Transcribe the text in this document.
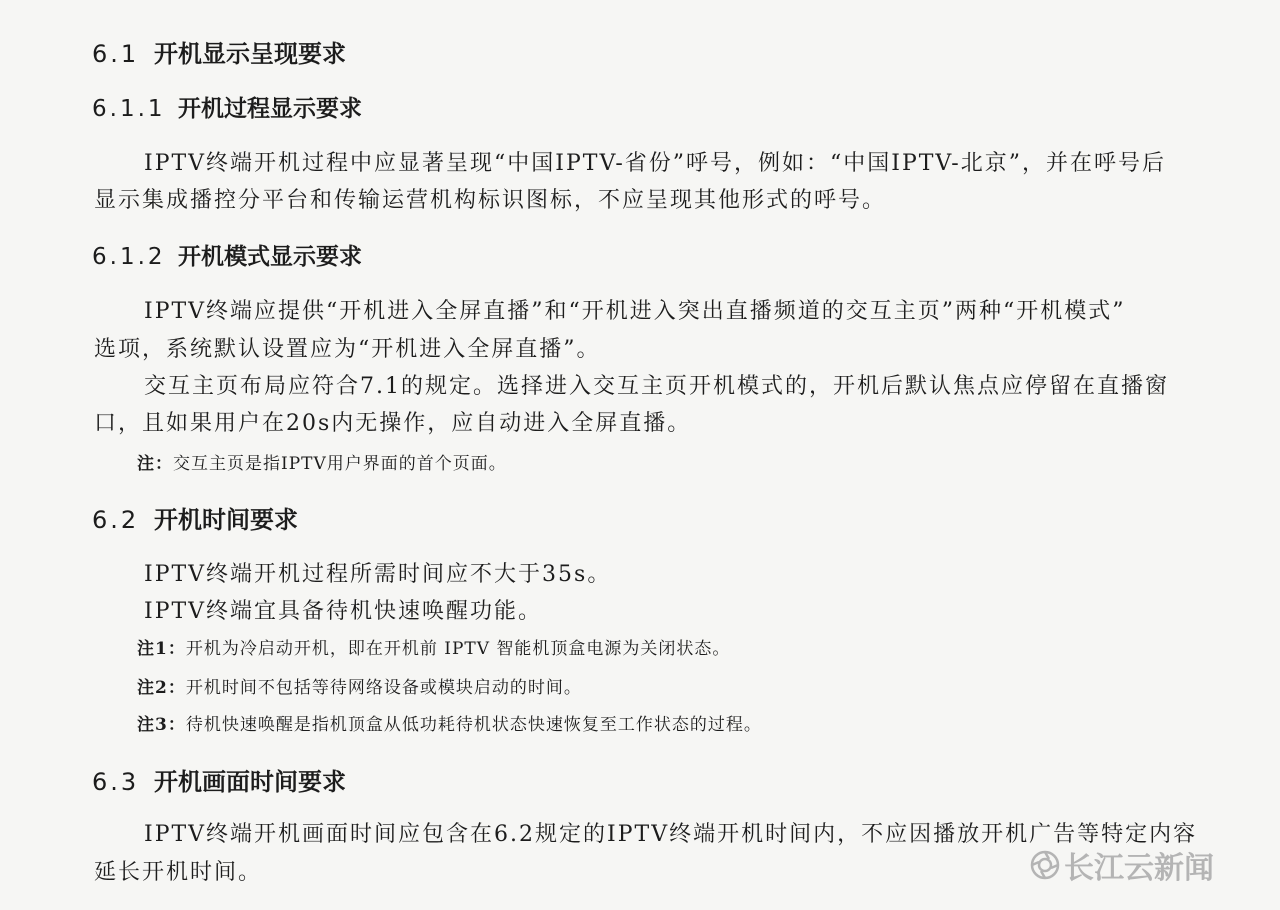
6.1 开机显示呈现要求
6.1.1 开机过程显示要求
IPTV终端开机过程中应显著呈现“中国IPTV-省份”呼号，例如：“中国IPTV-北京”，并在呼号后
显示集成播控分平台和传输运营机构标识图标，不应呈现其他形式的呼号。
6.1.2 开机模式显示要求
IPTV终端应提供“开机进入全屏直播”和“开机进入突出直播频道的交互主页”两种“开机模式”
选项，系统默认设置应为“开机进入全屏直播”。
交互主页布局应符合7.1的规定。选择进入交互主页开机模式的，开机后默认焦点应停留在直播窗
口，且如果用户在20s内无操作，应自动进入全屏直播。
注：交互主页是指IPTV用户界面的首个页面。
6.2 开机时间要求
IPTV终端开机过程所需时间应不大于35s。
IPTV终端宜具备待机快速唤醒功能。
注1：开机为冷启动开机，即在开机前 IPTV 智能机顶盒电源为关闭状态。
注2：开机时间不包括等待网络设备或模块启动的时间。
注3：待机快速唤醒是指机顶盒从低功耗待机状态快速恢复至工作状态的过程。
6.3 开机画面时间要求
IPTV终端开机画面时间应包含在6.2规定的IPTV终端开机时间内，不应因播放开机广告等特定内容
延长开机时间。	长江云新闻
